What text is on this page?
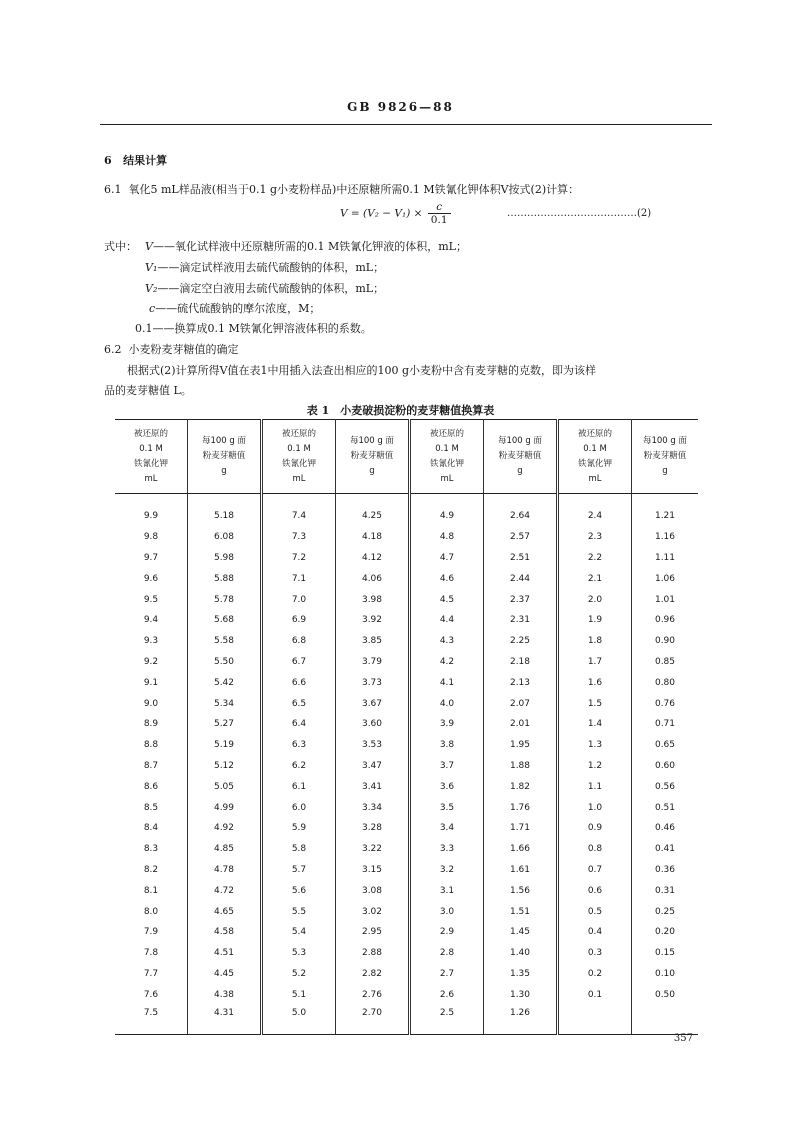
GB 9826—88
6 结果计算
6.1 氧化5 mL样品液(相当于0.1 g小麦粉样品)中还原糖所需0.1 M铁氰化钾体积V按式(2)计算：
$V = (V_2 - V_1) \times \frac{c}{0.1}$	…………………………………(2)
式中： V——氧化试样液中还原糖所需的0.1 M铁氰化钾液的体积，mL；
V₁——滴定试样液用去硫代硫酸钠的体积，mL；
V₂——滴定空白液用去硫代硫酸钠的体积，mL；
c——硫代硫酸钠的摩尔浓度，M；
0.1——换算成0.1 M铁氰化钾溶液体积的系数。
6.2 小麦粉麦芽糖值的确定
根据式(2)计算所得V值在表1中用插入法查出相应的100 g小麦粉中含有麦芽糖的克数，即为该样
品的麦芽糖值 L。
表 1　小麦破损淀粉的麦芽糖值换算表
被还原的
0.1 M
铁氰化钾
mL	每100 g 面
粉麦芽糖值
g	被还原的
0.1 M
铁氰化钾
mL	每100 g 面
粉麦芽糖值
g	被还原的
0.1 M
铁氰化钾
mL	每100 g 面
粉麦芽糖值
g	被还原的
0.1 M
铁氰化钾
mL	每100 g 面
粉麦芽糖值
g
9.9	5.18	7.4	4.25	4.9	2.64	2.4	1.21
9.8	6.08	7.3	4.18	4.8	2.57	2.3	1.16
9.7	5.98	7.2	4.12	4.7	2.51	2.2	1.11
9.6	5.88	7.1	4.06	4.6	2.44	2.1	1.06
9.5	5.78	7.0	3.98	4.5	2.37	2.0	1.01
9.4	5.68	6.9	3.92	4.4	2.31	1.9	0.96
9.3	5.58	6.8	3.85	4.3	2.25	1.8	0.90
9.2	5.50	6.7	3.79	4.2	2.18	1.7	0.85
9.1	5.42	6.6	3.73	4.1	2.13	1.6	0.80
9.0	5.34	6.5	3.67	4.0	2.07	1.5	0.76
8.9	5.27	6.4	3.60	3.9	2.01	1.4	0.71
8.8	5.19	6.3	3.53	3.8	1.95	1.3	0.65
8.7	5.12	6.2	3.47	3.7	1.88	1.2	0.60
8.6	5.05	6.1	3.41	3.6	1.82	1.1	0.56
8.5	4.99	6.0	3.34	3.5	1.76	1.0	0.51
8.4	4.92	5.9	3.28	3.4	1.71	0.9	0.46
8.3	4.85	5.8	3.22	3.3	1.66	0.8	0.41
8.2	4.78	5.7	3.15	3.2	1.61	0.7	0.36
8.1	4.72	5.6	3.08	3.1	1.56	0.6	0.31
8.0	4.65	5.5	3.02	3.0	1.51	0.5	0.25
7.9	4.58	5.4	2.95	2.9	1.45	0.4	0.20
7.8	4.51	5.3	2.88	2.8	1.40	0.3	0.15
7.7	4.45	5.2	2.82	2.7	1.35	0.2	0.10
7.6	4.38	5.1	2.76	2.6	1.30	0.1	0.50
7.5	4.31	5.0	2.70	2.5	1.26		
357
